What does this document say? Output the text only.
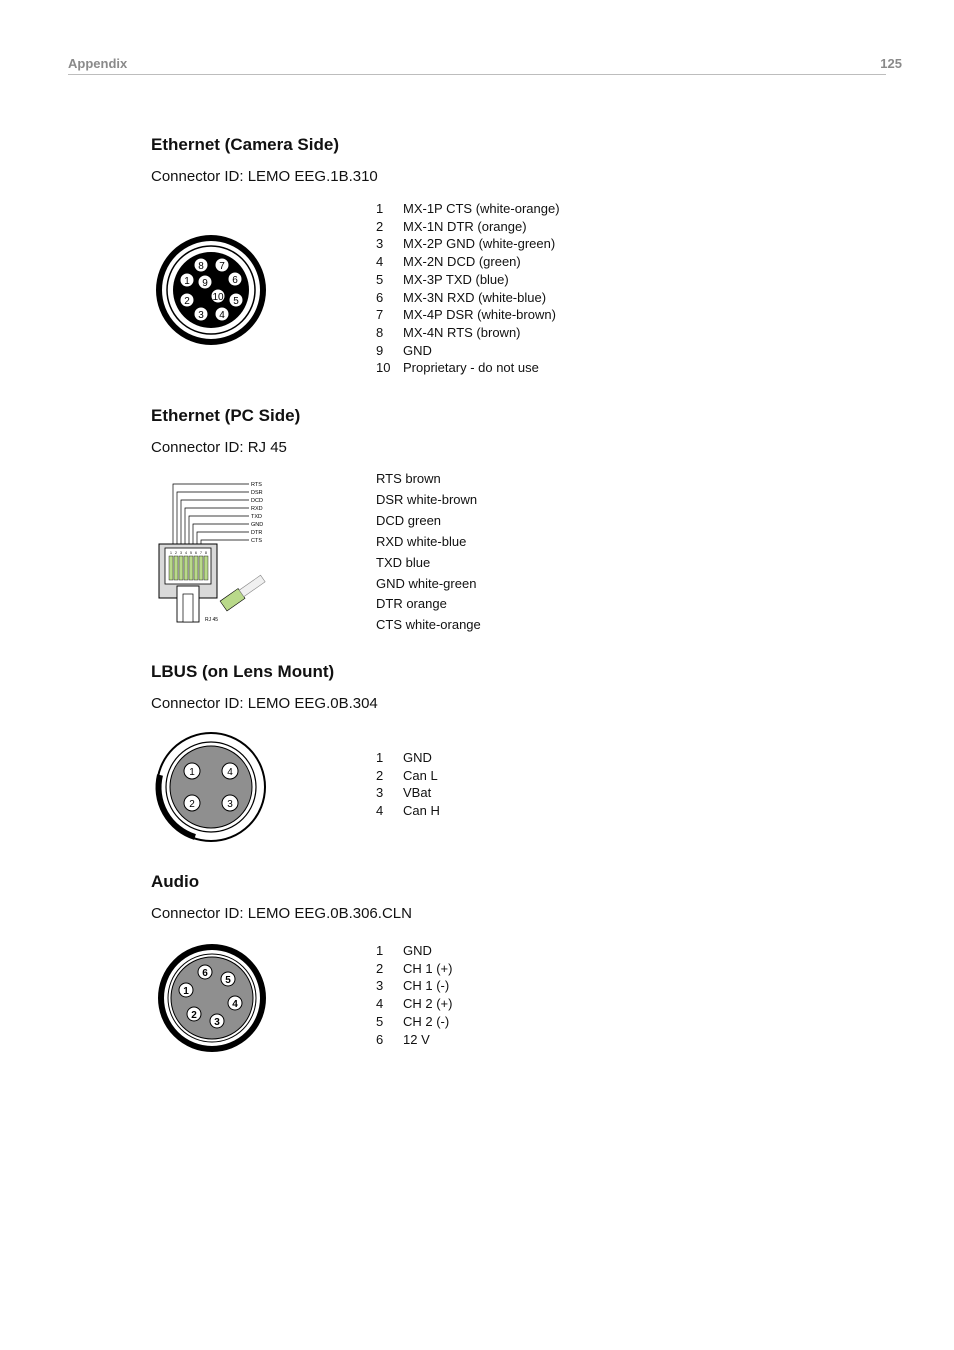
Appendix	125
Ethernet (Camera Side)
Connector ID: LEMO EEG.1B.310
1
2
3 4
5
6
7
8
9
10
1	MX-1P CTS (white-orange)
2	MX-1N DTR (orange)
3	MX-2P GND (white-green)
4	MX-2N DCD (green)
5	MX-3P TXD (blue)
6	MX-3N RXD (white-blue)
7	MX-4P DSR (white-brown)
8	MX-4N RTS (brown)
9	GND
10 Proprietary - do not use
Ethernet (PC Side)
Connector ID: RJ 45
RTS
DSR
DCD
RXD
TXD
GND
DTR
CTS
1 2 3 4 5 6 7 8
RJ 45
RTS brown
DSR white-brown
DCD green
RXD white-blue
TXD blue
GND white-green
DTR orange
CTS white-orange
LBUS (on Lens Mount)
Connector ID: LEMO EEG.0B.304
1
2	3
4
1	GND
2	Can L
3	VBat
4	Can H
Audio
Connector ID: LEMO EEG.0B.306.CLN
1
2
3
4
5
6
1	GND
2	CH 1 (+)
3	CH 1 (-)
4	CH 2 (+)
5	CH 2 (-)
6	12 V
